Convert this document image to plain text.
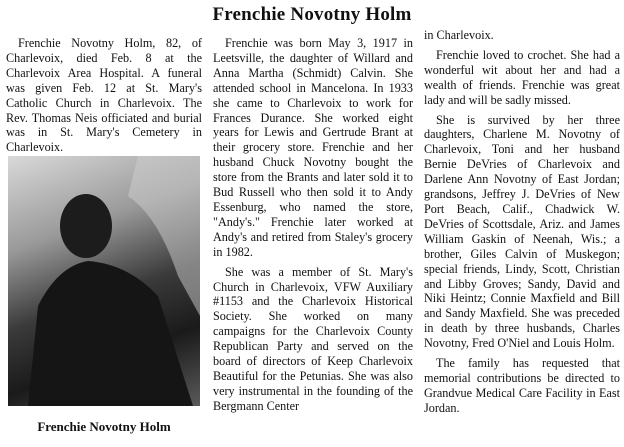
Frenchie Novotny Holm

Frenchie Novotny Holm, 82, of Charlevoix, died Feb. 8 at the Charlevoix Area Hospital. A funeral was given Feb. 12 at St. Mary's Catholic Church in Charlevoix. The Rev. Thomas Neis officiated and burial was in St. Mary's Cemetery in Charlevoix.

Frenchie Novotny Holm

Frenchie was born May 3, 1917 in Leetsville, the daughter of Willard and Anna Martha (Schmidt) Calvin. She attended school in Mancelona. In 1933 she came to Charlevoix to work for Frances Durance. She worked eight years for Lewis and Gertrude Brant at their grocery store. Frenchie and her husband Chuck Novotny bought the store from the Brants and later sold it to Bud Russell who then sold it to Andy Essenburg, who named the store, "Andy's." Frenchie later worked at Andy's and retired from Staley's grocery in 1982.

She was a member of St. Mary's Church in Charlevoix, VFW Auxiliary #1153 and the Charlevoix Historical Society. She worked on many campaigns for the Charlevoix County Republican Party and served on the board of directors of Keep Charlevoix Beautiful for the Petunias. She was also very instrumental in the founding of the Bergmann Center

in Charlevoix.

Frenchie loved to crochet. She had a wonderful wit about her and had a wealth of friends. Frenchie was great lady and will be sadly missed.

She is survived by her three daughters, Charlene M. Novotny of Charlevoix, Toni and her husband Bernie DeVries of Charlevoix and Darlene Ann Novotny of East Jordan; grandsons, Jeffrey J. DeVries of New Port Beach, Calif., Chadwick W. DeVries of Scottsdale, Ariz. and James William Gaskin of Neenah, Wis.; a brother, Giles Calvin of Muskegon; special friends, Lindy, Scott, Christian and Libby Groves; Sandy, David and Niki Heintz; Connie Maxfield and Bill and Sandy Maxfield. She was preceded in death by three husbands, Charles Novotny, Fred O'Niel and Louis Holm.

The family has requested that memorial contributions be directed to Grandvue Medical Care Facility in East Jordan.
